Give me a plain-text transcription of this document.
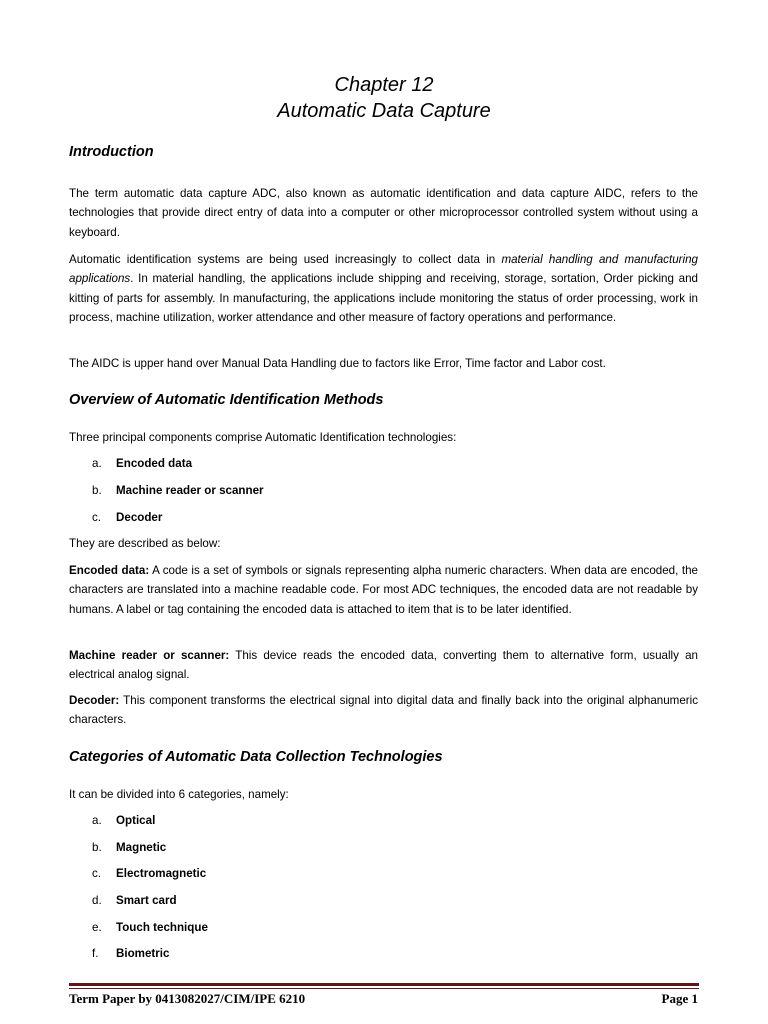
Chapter 12
Automatic Data Capture
Introduction

The term automatic data capture ADC, also known as automatic identification and data capture AIDC, refers to the technologies that provide direct entry of data into a computer or other microprocessor controlled system without using a keyboard.

Automatic identification systems are being used increasingly to collect data in material handling and manufacturing applications. In material handling, the applications include shipping and receiving, storage, sortation, Order picking and kitting of parts for assembly. In manufacturing, the applications include monitoring the status of order processing, work in process, machine utilization, worker attendance and other measure of factory operations and performance.

The AIDC is upper hand over Manual Data Handling due to factors like Error, Time factor and Labor cost.

Overview of Automatic Identification Methods
Three principal components comprise Automatic Identification technologies:
a. Encoded data
b. Machine reader or scanner
c. Decoder
They are described as below:

Encoded data: A code is a set of symbols or signals representing alpha numeric characters. When data are encoded, the characters are translated into a machine readable code. For most ADC techniques, the encoded data are not readable by humans. A label or tag containing the encoded data is attached to item that is to be later identified.

Machine reader or scanner: This device reads the encoded data, converting them to alternative form, usually an electrical analog signal.

Decoder: This component transforms the electrical signal into digital data and finally back into the original alphanumeric characters.

Categories of Automatic Data Collection Technologies
It can be divided into 6 categories, namely:
a. Optical
b. Magnetic
c. Electromagnetic
d. Smart card
e. Touch technique
f. Biometric
Term Paper by 0413082027/CIM/IPE 6210	Page 1
